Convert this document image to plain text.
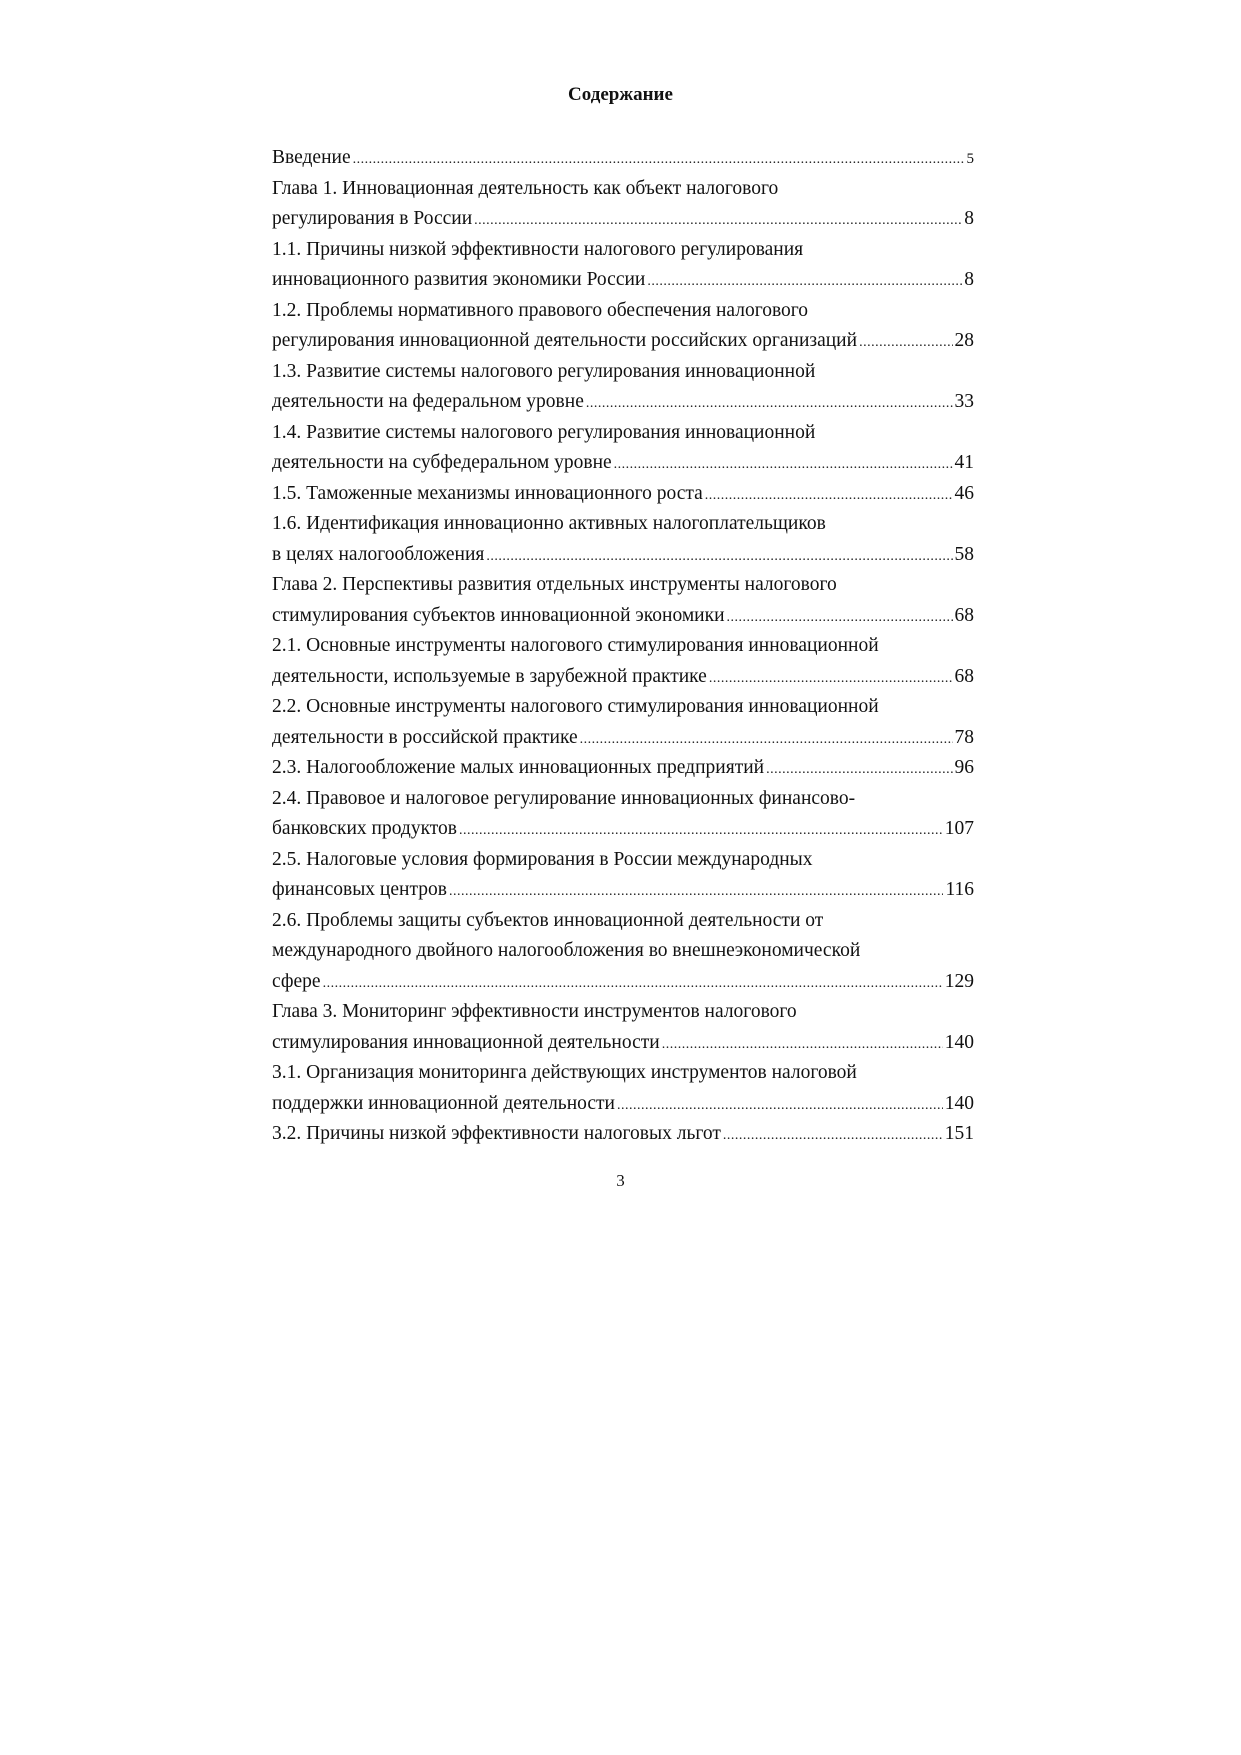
Содержание
Введение .....	5
Глава 1. Инновационная деятельность как объект налогового
регулирования в России .....	8
1.1. Причины низкой эффективности налогового регулирования
инновационного развития экономики России .....	8
1.2. Проблемы нормативного правового обеспечения налогового
регулирования инновационной деятельности российских организаций .....	28
1.3. Развитие системы налогового регулирования инновационной
деятельности на федеральном уровне .....	33
1.4. Развитие системы налогового регулирования инновационной
деятельности на субфедеральном уровне .....	41
1.5. Таможенные механизмы инновационного роста .....	46
1.6. Идентификация инновационно активных налогоплательщиков
в целях налогообложения .....	58
Глава 2. Перспективы развития отдельных инструменты налогового
стимулирования субъектов инновационной экономики .....	68
2.1. Основные инструменты налогового стимулирования инновационной
деятельности, используемые в зарубежной практике .....	68
2.2. Основные инструменты налогового стимулирования инновационной
деятельности в российской практике .....	78
2.3. Налогообложение малых инновационных предприятий .....	96
2.4. Правовое и налоговое регулирование инновационных финансово-
банковских продуктов .....	107
2.5. Налоговые условия формирования в России международных
финансовых центров .....	116
2.6. Проблемы защиты субъектов инновационной деятельности от
международного двойного налогообложения во внешнеэкономической
сфере .....	129
Глава 3. Мониторинг эффективности инструментов налогового
стимулирования инновационной деятельности .....	140
3.1. Организация мониторинга действующих инструментов налоговой
поддержки инновационной деятельности .....	140
3.2. Причины низкой эффективности налоговых льгот .....	151
3
